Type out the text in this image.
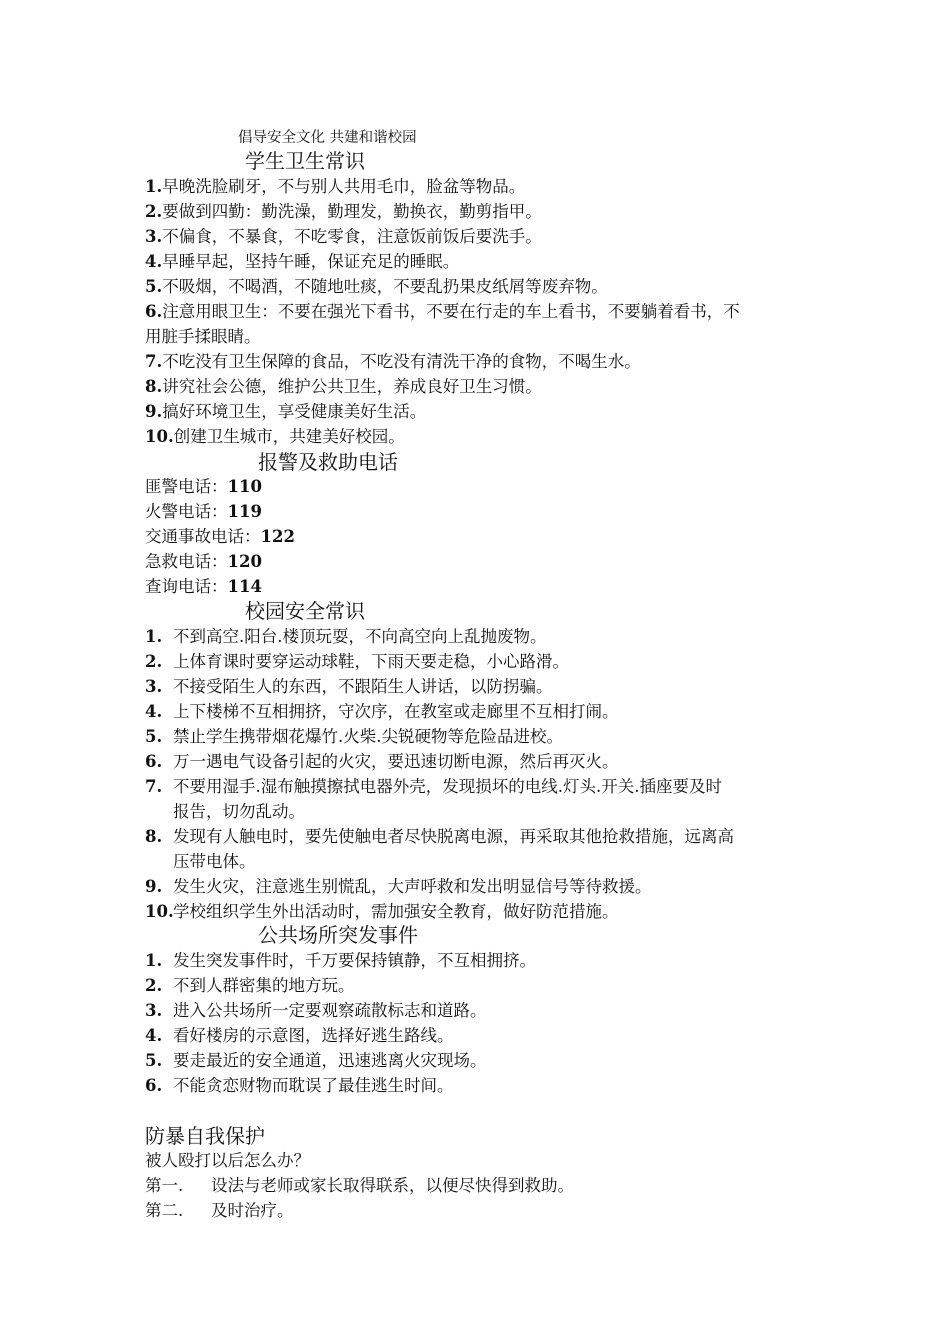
倡导安全文化 共建和谐校园
学生卫生常识
1.早晚洗脸刷牙，不与别人共用毛巾，脸盆等物品。
2.要做到四勤：勤洗澡，勤理发，勤换衣，勤剪指甲。
3.不偏食，不暴食，不吃零食，注意饭前饭后要洗手。
4.早睡早起，坚持午睡，保证充足的睡眠。
5.不吸烟，不喝酒，不随地吐痰，不要乱扔果皮纸屑等废弃物。
6.注意用眼卫生：不要在强光下看书，不要在行走的车上看书，不要躺着看书，不
用脏手揉眼睛。
7.不吃没有卫生保障的食品，不吃没有清洗干净的食物，不喝生水。
8.讲究社会公德，维护公共卫生，养成良好卫生习惯。
9.搞好环境卫生，享受健康美好生活。
10.创建卫生城市，共建美好校园。
报警及救助电话
匪警电话：110
火警电话：119
交通事故电话：122
急救电话：120
查询电话：114
校园安全常识
1. 不到高空.阳台.楼顶玩耍，不向高空向上乱抛废物。
2. 上体育课时要穿运动球鞋，下雨天要走稳，小心路滑。
3. 不接受陌生人的东西，不跟陌生人讲话，以防拐骗。
4. 上下楼梯不互相拥挤，守次序，在教室或走廊里不互相打闹。
5. 禁止学生携带烟花爆竹.火柴.尖锐硬物等危险品进校。
6. 万一遇电气设备引起的火灾，要迅速切断电源，然后再灭火。
7. 不要用湿手.湿布触摸擦拭电器外壳，发现损坏的电线.灯头.开关.插座要及时
报告，切勿乱动。
8. 发现有人触电时，要先使触电者尽快脱离电源，再采取其他抢救措施，远离高
压带电体。
9. 发生火灾，注意逃生别慌乱，大声呼救和发出明显信号等待救援。
10.学校组织学生外出活动时，需加强安全教育，做好防范措施。
公共场所突发事件
1. 发生突发事件时，千万要保持镇静，不互相拥挤。
2. 不到人群密集的地方玩。
3. 进入公共场所一定要观察疏散标志和道路。
4. 看好楼房的示意图，选择好逃生路线。
5. 要走最近的安全通道，迅速逃离火灾现场。
6. 不能贪恋财物而耽误了最佳逃生时间。
防暴自我保护
被人殴打以后怎么办？
第一. 设法与老师或家长取得联系，以便尽快得到救助。
第二. 及时治疗。
